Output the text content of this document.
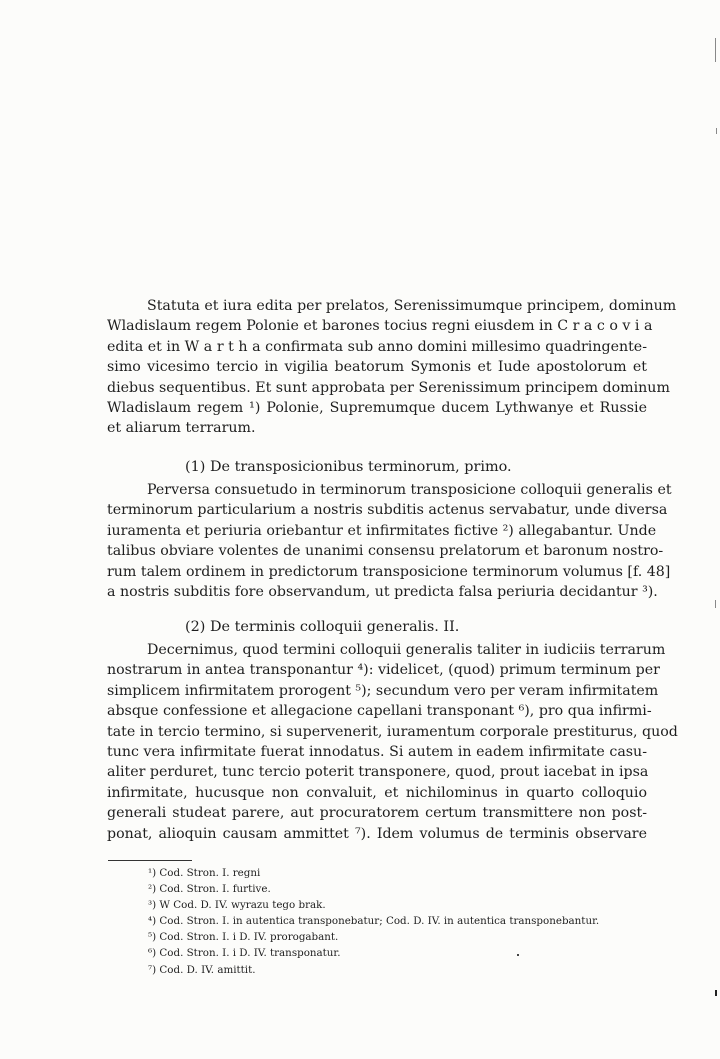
Statuta et iura edita per prelatos, Serenissimumque principem, dominum
Wladislaum regem Polonie et barones tocius regni eiusdem in C r a c o v i a
edita et in W a r t h a confirmata sub anno domini millesimo quadringente-
simo vicesimo tercio in vigilia beatorum Symonis et Iude apostolorum et
diebus sequentibus. Et sunt approbata per Serenissimum principem dominum
Wladislaum regem ¹) Polonie, Supremumque ducem Lythwanye et Russie
et aliarum terrarum.
(1) De transposicionibus terminorum, primo.
Perversa consuetudo in terminorum transposicione colloquii generalis et
terminorum particularium a nostris subditis actenus servabatur, unde diversa
iuramenta et periuria oriebantur et infirmitates fictive ²) allegabantur. Unde
talibus obviare volentes de unanimi consensu prelatorum et baronum nostro-
rum talem ordinem in predictorum transposicione terminorum volumus [f. 48]
a nostris subditis fore observandum, ut predicta falsa periuria decidantur ³).
(2) De terminis colloquii generalis. II.
Decernimus, quod termini colloquii generalis taliter in iudiciis terrarum
nostrarum in antea transponantur ⁴): videlicet, (quod) primum terminum per
simplicem infirmitatem prorogent ⁵); secundum vero per veram infirmitatem
absque confessione et allegacione capellani transponant ⁶), pro qua infirmi-
tate in tercio termino, si supervenerit, iuramentum corporale prestiturus, quod
tunc vera infirmitate fuerat innodatus. Si autem in eadem infirmitate casu-
aliter perduret, tunc tercio poterit transponere, quod, prout iacebat in ipsa
infirmitate, hucusque non convaluit, et nichilominus in quarto colloquio
generali studeat parere, aut procuratorem certum transmittere non post-
ponat, alioquin causam ammittet ⁷). Idem volumus de terminis observare
¹) Cod. Stron. I. regni
²) Cod. Stron. I. furtive.
³) W Cod. D. IV. wyrazu tego brak.
⁴) Cod. Stron. I. in autentica transponebatur; Cod. D. IV. in autentica transponebantur.
⁵) Cod. Stron. I. i D. IV. prorogabant.
⁶) Cod. Stron. I. i D. IV. transponatur.
⁷) Cod. D. IV. amittit.
